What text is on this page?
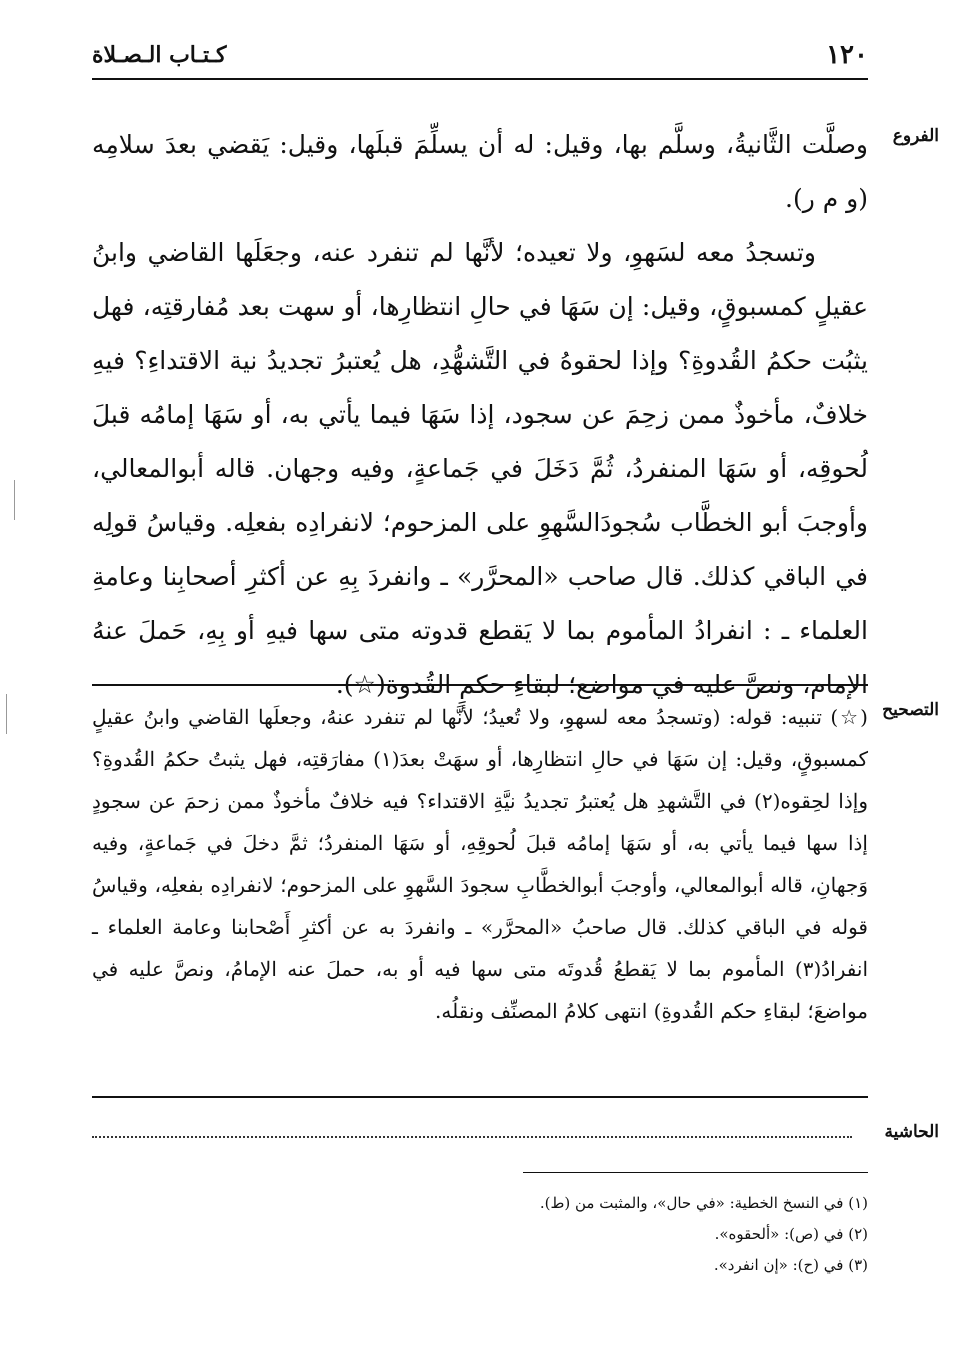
١٢٠
كـتـاب الـصـلاة
الفروع

وصلَّت الثَّانيةُ، وسلَّم بها، وقيل: له أن يسلِّمَ قبلَها، وقيل: يَقضي بعدَ سلامِه (و م ر).

وتسجدُ معه لسَهوِ، ولا تعيده؛ لأنَّها لم تنفرد عنه، وجعَلَها القاضي وابنُ عقيلٍ كمسبوقٍ، وقيل: إن سَهَا في حالِ انتظارِها، أو سهت بعد مُفارقتِه، فهل يثبُت حكمُ القُدوةِ؟ وإذا لحقوهُ في التَّشهُّدِ، هل يُعتبرُ تجديدُ نية الاقتداءِ؟ فيهِ خلافٌ، مأخوذٌ ممن زحِمَ عن سجود، إذا سَهَا فيما يأتي به، أو سَهَا إمامُه قبلَ لُحوقِه، أو سَهَا المنفردُ، ثُمَّ دَخَلَ في جَماعةٍ، وفيه وجهان. قاله أبوالمعالي، وأوجبَ أبو الخطَّاب سُجودَالسَّهوِ على المزحوم؛ لانفرادِه بفعلِه. وقياسُ قولِه في الباقي كذلك. قال صاحب «المحرَّر» ـ وانفردَ بِهِ عن أكثرِ أصحابِنا وعامةِ العلماء ـ : انفرادُ المأموم بما لا يَقطع قدوته متى سها فيهِ أو بِهِ، حَملَ عنهُ الإمام، ونصَّ عليه في مواضع؛ لبقاءِ حكمِ القُدوة(☆).

التصحيح

(☆) تنبيه: قوله: (وتسجدُ معه لسهوِ، ولا تُعيدُ؛ لأنَّها لم تنفرد عنهُ، وجعلَها القاضي وابنُ عقيلٍ كمسبوقٍ، وقيل: إن سَهَا في حالِ انتظارِها، أو سهَتْ بعدَ(١) مفارَقتِه، فهل يثبتُ حكمُ القُدوةِ؟ وإذا لحِقوه(٢) في التَّشهدِ هل يُعتبرُ تجديدُ نيَّةِ الاقتداء؟ فيه خلافٌ مأخوذٌ ممن زحمَ عن سجودٍ إذا سها فيما يأتي به، أو سَهَا إمامُه قبلَ لُحوقِهِ، أو سَهَا المنفردُ؛ ثمَّ دخلَ في جَماعةٍ، وفيه وَجهانِ، قاله أبوالمعالي، وأوجبَ أبوالخطَّابِ سجودَ السَّهوِ على المزحوم؛ لانفرادِه بفعلِه، وقياسُ قوله في الباقي كذلك. قال صاحبُ «المحرَّر» ـ وانفردَ به عن أكثرِ أَصْحابنا وعامة العلماء ـ انفرادُ(٣) المأموم بما لا يَقطعُ قُدوتَه متى سها فيه أو به، حملَ عنه الإمامُ، ونصَّ عليه في مواضعَ؛ لبقاءِ حكم القُدوةِ) انتهى كلامُ المصنِّف ونقلُه.

الحاشية

(١) في النسخ الخطية: «في حال»، والمثبت من (ط).

(٢) في (ص): «ألحقوه».

(٣) في (ح): «إن انفرد».
